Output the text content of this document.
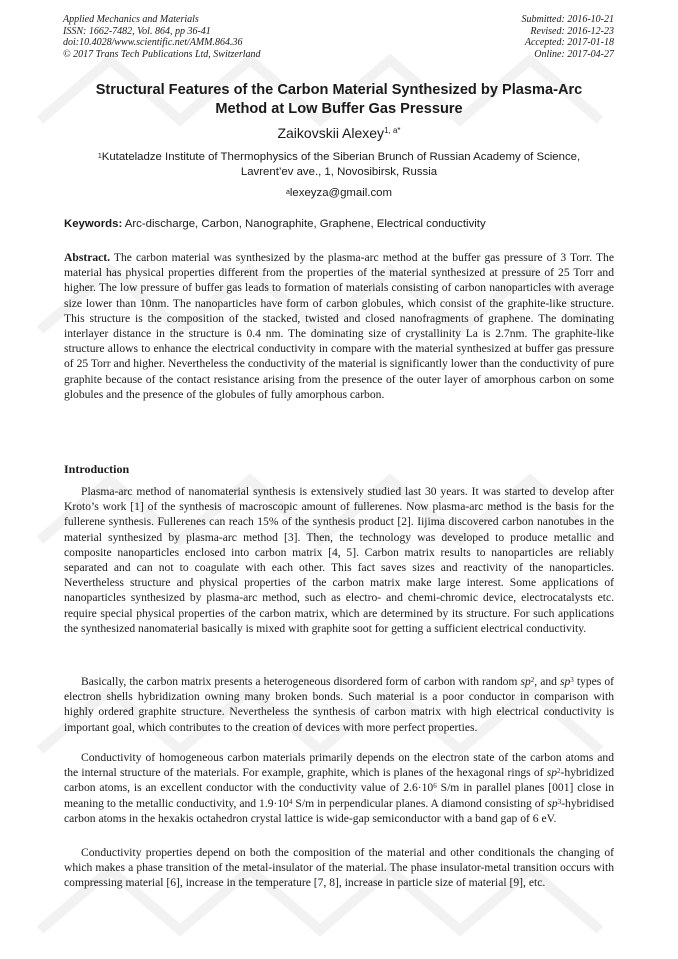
Applied Mechanics and Materials
ISSN: 1662-7482, Vol. 864, pp 36-41
doi:10.4028/www.scientific.net/AMM.864.36
© 2017 Trans Tech Publications Ltd, Switzerland
Submitted: 2016-10-21
Revised: 2016-12-23
Accepted: 2017-01-18
Online: 2017-04-27
Structural Features of the Carbon Material Synthesized by Plasma-Arc
Method at Low Buffer Gas Pressure
Zaikovskii Alexey$^{1, a*}$
$^1$Kutateladze Institute of Thermophysics of the Siberian Brunch of Russian Academy of Science,
Lavrent’ev ave., 1, Novosibirsk, Russia
$^a$lexeyza@gmail.com
Keywords: Arc-discharge, Carbon, Nanographite, Graphene, Electrical conductivity
Abstract. The carbon material was synthesized by the plasma-arc method at the buffer gas pressure of 3 Torr. The material has physical properties different from the properties of the material synthesized at pressure of 25 Torr and higher. The low pressure of buffer gas leads to formation of materials consisting of carbon nanoparticles with average size lower than 10nm. The nanoparticles have form of carbon globules, which consist of the graphite-like structure. This structure is the composition of the stacked, twisted and closed nanofragments of graphene. The dominating interlayer distance in the structure is 0.4 nm. The dominating size of crystallinity La is 2.7nm. The graphite-like structure allows to enhance the electrical conductivity in compare with the material synthesized at buffer gas pressure of 25 Torr and higher. Nevertheless the conductivity of the material is significantly lower than the conductivity of pure graphite because of the contact resistance arising from the presence of the outer layer of amorphous carbon on some globules and the presence of the globules of fully amorphous carbon.
Introduction
Plasma-arc method of nanomaterial synthesis is extensively studied last 30 years. It was started to develop after Kroto’s work [1] of the synthesis of macroscopic amount of fullerenes. Now plasma-arc method is the basis for the fullerene synthesis. Fullerenes can reach 15% of the synthesis product [2]. Iijima discovered carbon nanotubes in the material synthesized by plasma-arc method [3]. Then, the technology was developed to produce metallic and composite nanoparticles enclosed into carbon matrix [4, 5]. Carbon matrix results to nanoparticles are reliably separated and can not to coagulate with each other. This fact saves sizes and reactivity of the nanoparticles. Nevertheless structure and physical properties of the carbon matrix make large interest. Some applications of nanoparticles synthesized by plasma-arc method, such as electro- and chemi-chromic device, electrocatalysts etc. require special physical properties of the carbon matrix, which are determined by its structure. For such applications the synthesized nanomaterial basically is mixed with graphite soot for getting a sufficient electrical conductivity.
Basically, the carbon matrix presents a heterogeneous disordered form of carbon with random $sp^2$, and $sp^3$ types of electron shells hybridization owning many broken bonds. Such material is a poor conductor in comparison with highly ordered graphite structure. Nevertheless the synthesis of carbon matrix with high electrical conductivity is important goal, which contributes to the creation of devices with more perfect properties.
Conductivity of homogeneous carbon materials primarily depends on the electron state of the carbon atoms and the internal structure of the materials. For example, graphite, which is planes of the hexagonal rings of $sp^2$-hybridized carbon atoms, is an excellent conductor with the conductivity value of $2.6\cdot 10^6$ S/m in parallel planes [001] close in meaning to the metallic conductivity, and $1.9\cdot 10^4$ S/m in perpendicular planes. A diamond consisting of $sp^3$-hybridised carbon atoms in the hexakis octahedron crystal lattice is wide-gap semiconductor with a band gap of 6 eV.
Conductivity properties depend on both the composition of the material and other conditionals the changing of which makes a phase transition of the metal-insulator of the material. The phase insulator-metal transition occurs with compressing material [6], increase in the temperature [7, 8], increase in particle size of material [9], etc.
